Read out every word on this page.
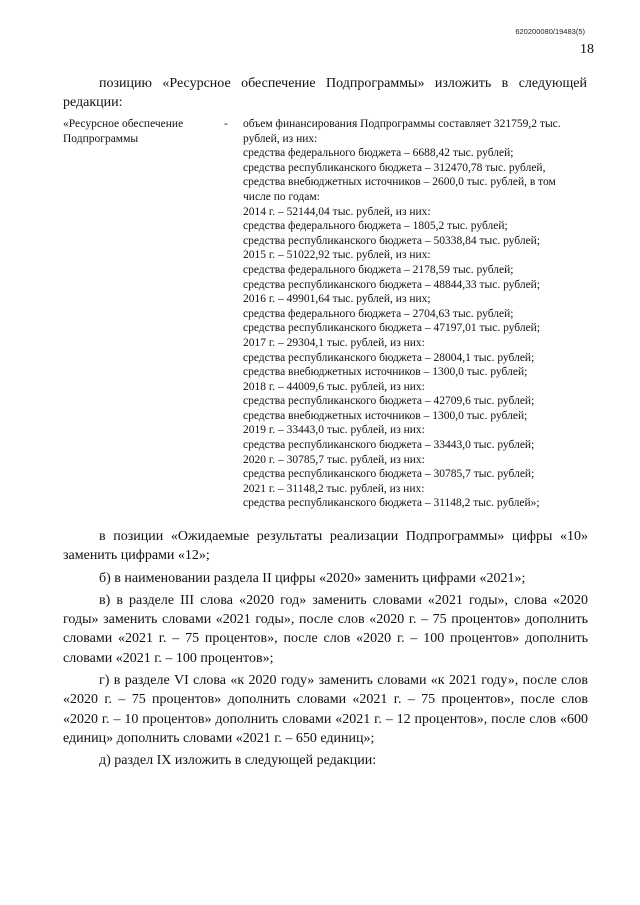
620200080/19483(5)
18

позицию «Ресурсное обеспечение Подпрограммы» изложить в следующей редакции:

«Ресурсное обеспечение Подпрограммы
- объем финансирования Подпрограммы составляет 321759,2 тыс.
рублей, из них:
средства федерального бюджета – 6688,42 тыс. рублей;
средства республиканского бюджета – 312470,78 тыс. рублей,
средства внебюджетных источников – 2600,0 тыс. рублей, в том
числе по годам:
2014 г. – 52144,04 тыс. рублей, из них:
средства федерального бюджета – 1805,2 тыс. рублей;
средства республиканского бюджета – 50338,84 тыс. рублей;
2015 г. – 51022,92 тыс. рублей, из них:
средства федерального бюджета – 2178,59 тыс. рублей;
средства республиканского бюджета – 48844,33 тыс. рублей;
2016 г. – 49901,64 тыс. рублей, из них;
средства федерального бюджета – 2704,63 тыс. рублей;
средства республиканского бюджета – 47197,01 тыс. рублей;
2017 г. – 29304,1 тыс. рублей, из них:
средства республиканского бюджета – 28004,1 тыс. рублей;
средства внебюджетных источников – 1300,0 тыс. рублей;
2018 г. – 44009,6 тыс. рублей, из них:
средства республиканского бюджета – 42709,6 тыс. рублей;
средства внебюджетных источников – 1300,0 тыс. рублей;
2019 г. – 33443,0 тыс. рублей, из них:
средства республиканского бюджета – 33443,0 тыс. рублей;
2020 г. – 30785,7 тыс. рублей, из них:
средства республиканского бюджета – 30785,7 тыс. рублей;
2021 г. – 31148,2 тыс. рублей, из них:
средства республиканского бюджета – 31148,2 тыс. рублей»;

в позиции «Ожидаемые результаты реализации Подпрограммы» цифры «10» заменить цифрами «12»;

б) в наименовании раздела II цифры «2020» заменить цифрами «2021»;

в) в разделе III слова «2020 год» заменить словами «2021 годы», слова «2020 годы» заменить словами «2021 годы», после слов «2020 г. – 75 процентов» дополнить словами «2021 г. – 75 процентов», после слов «2020 г. – 100 процентов» дополнить словами «2021 г. – 100 процентов»;

г) в разделе VI слова «к 2020 году» заменить словами «к 2021 году», после слов «2020 г. – 75 процентов» дополнить словами «2021 г. – 75 процентов», после слов «2020 г. – 10 процентов» дополнить словами «2021 г. – 12 процентов», после слов «600 единиц» дополнить словами «2021 г. – 650 единиц»;

д) раздел IX изложить в следующей редакции:
